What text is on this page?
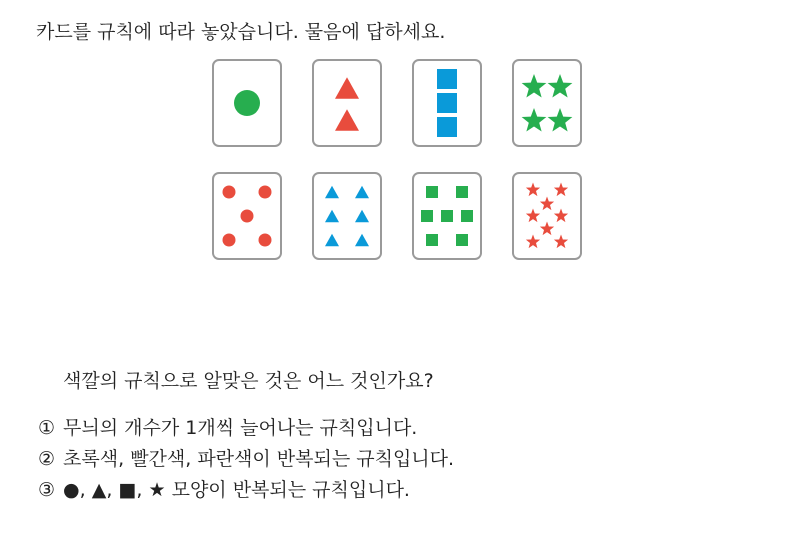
카드를 규칙에 따라 놓았습니다. 물음에 답하세요.
색깔의 규칙으로 알맞은 것은 어느 것인가요?
① 무늬의 개수가 1개씩 늘어나는 규칙입니다.
② 초록색, 빨간색, 파란색이 반복되는 규칙입니다.
③ ●, ▲, ■, ★ 모양이 반복되는 규칙입니다.
